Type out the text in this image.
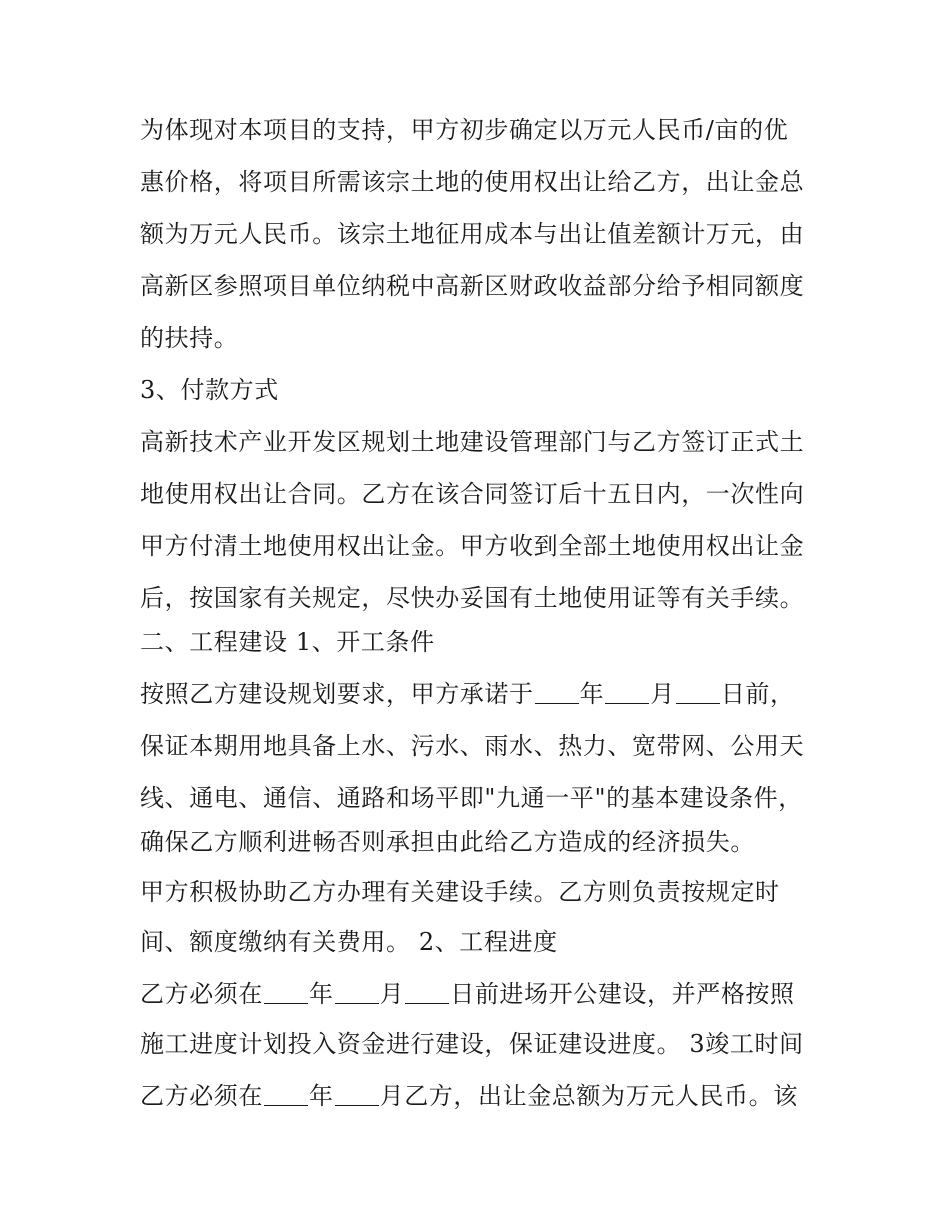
为体现对本项目的支持，甲方初步确定以万元人民币/亩的优
惠价格，将项目所需该宗土地的使用权出让给乙方，出让金总
额为万元人民币。该宗土地征用成本与出让值差额计万元，由
高新区参照项目单位纳税中高新区财政收益部分给予相同额度
的扶持。
3、付款方式
高新技术产业开发区规划土地建设管理部门与乙方签订正式土
地使用权出让合同。乙方在该合同签订后十五日内，一次性向
甲方付清土地使用权出让金。甲方收到全部土地使用权出让金
后，按国家有关规定，尽快办妥国有土地使用证等有关手续。
二、工程建设 1、开工条件
按照乙方建设规划要求，甲方承诺于 年 月 日前，
保证本期用地具备上水、污水、雨水、热力、宽带网、公用天
线、通电、通信、通路和场平即"九通一平"的基本建设条件，
确保乙方顺利进畅否则承担由此给乙方造成的经济损失。
甲方积极协助乙方办理有关建设手续。乙方则负责按规定时
间、额度缴纳有关费用。 2、工程进度
乙方必须在 年 月 日前进场开公建设，并严格按照
施工进度计划投入资金进行建设，保证建设进度。 3竣工时间
乙方必须在 年 月乙方，出让金总额为万元人民币。该
